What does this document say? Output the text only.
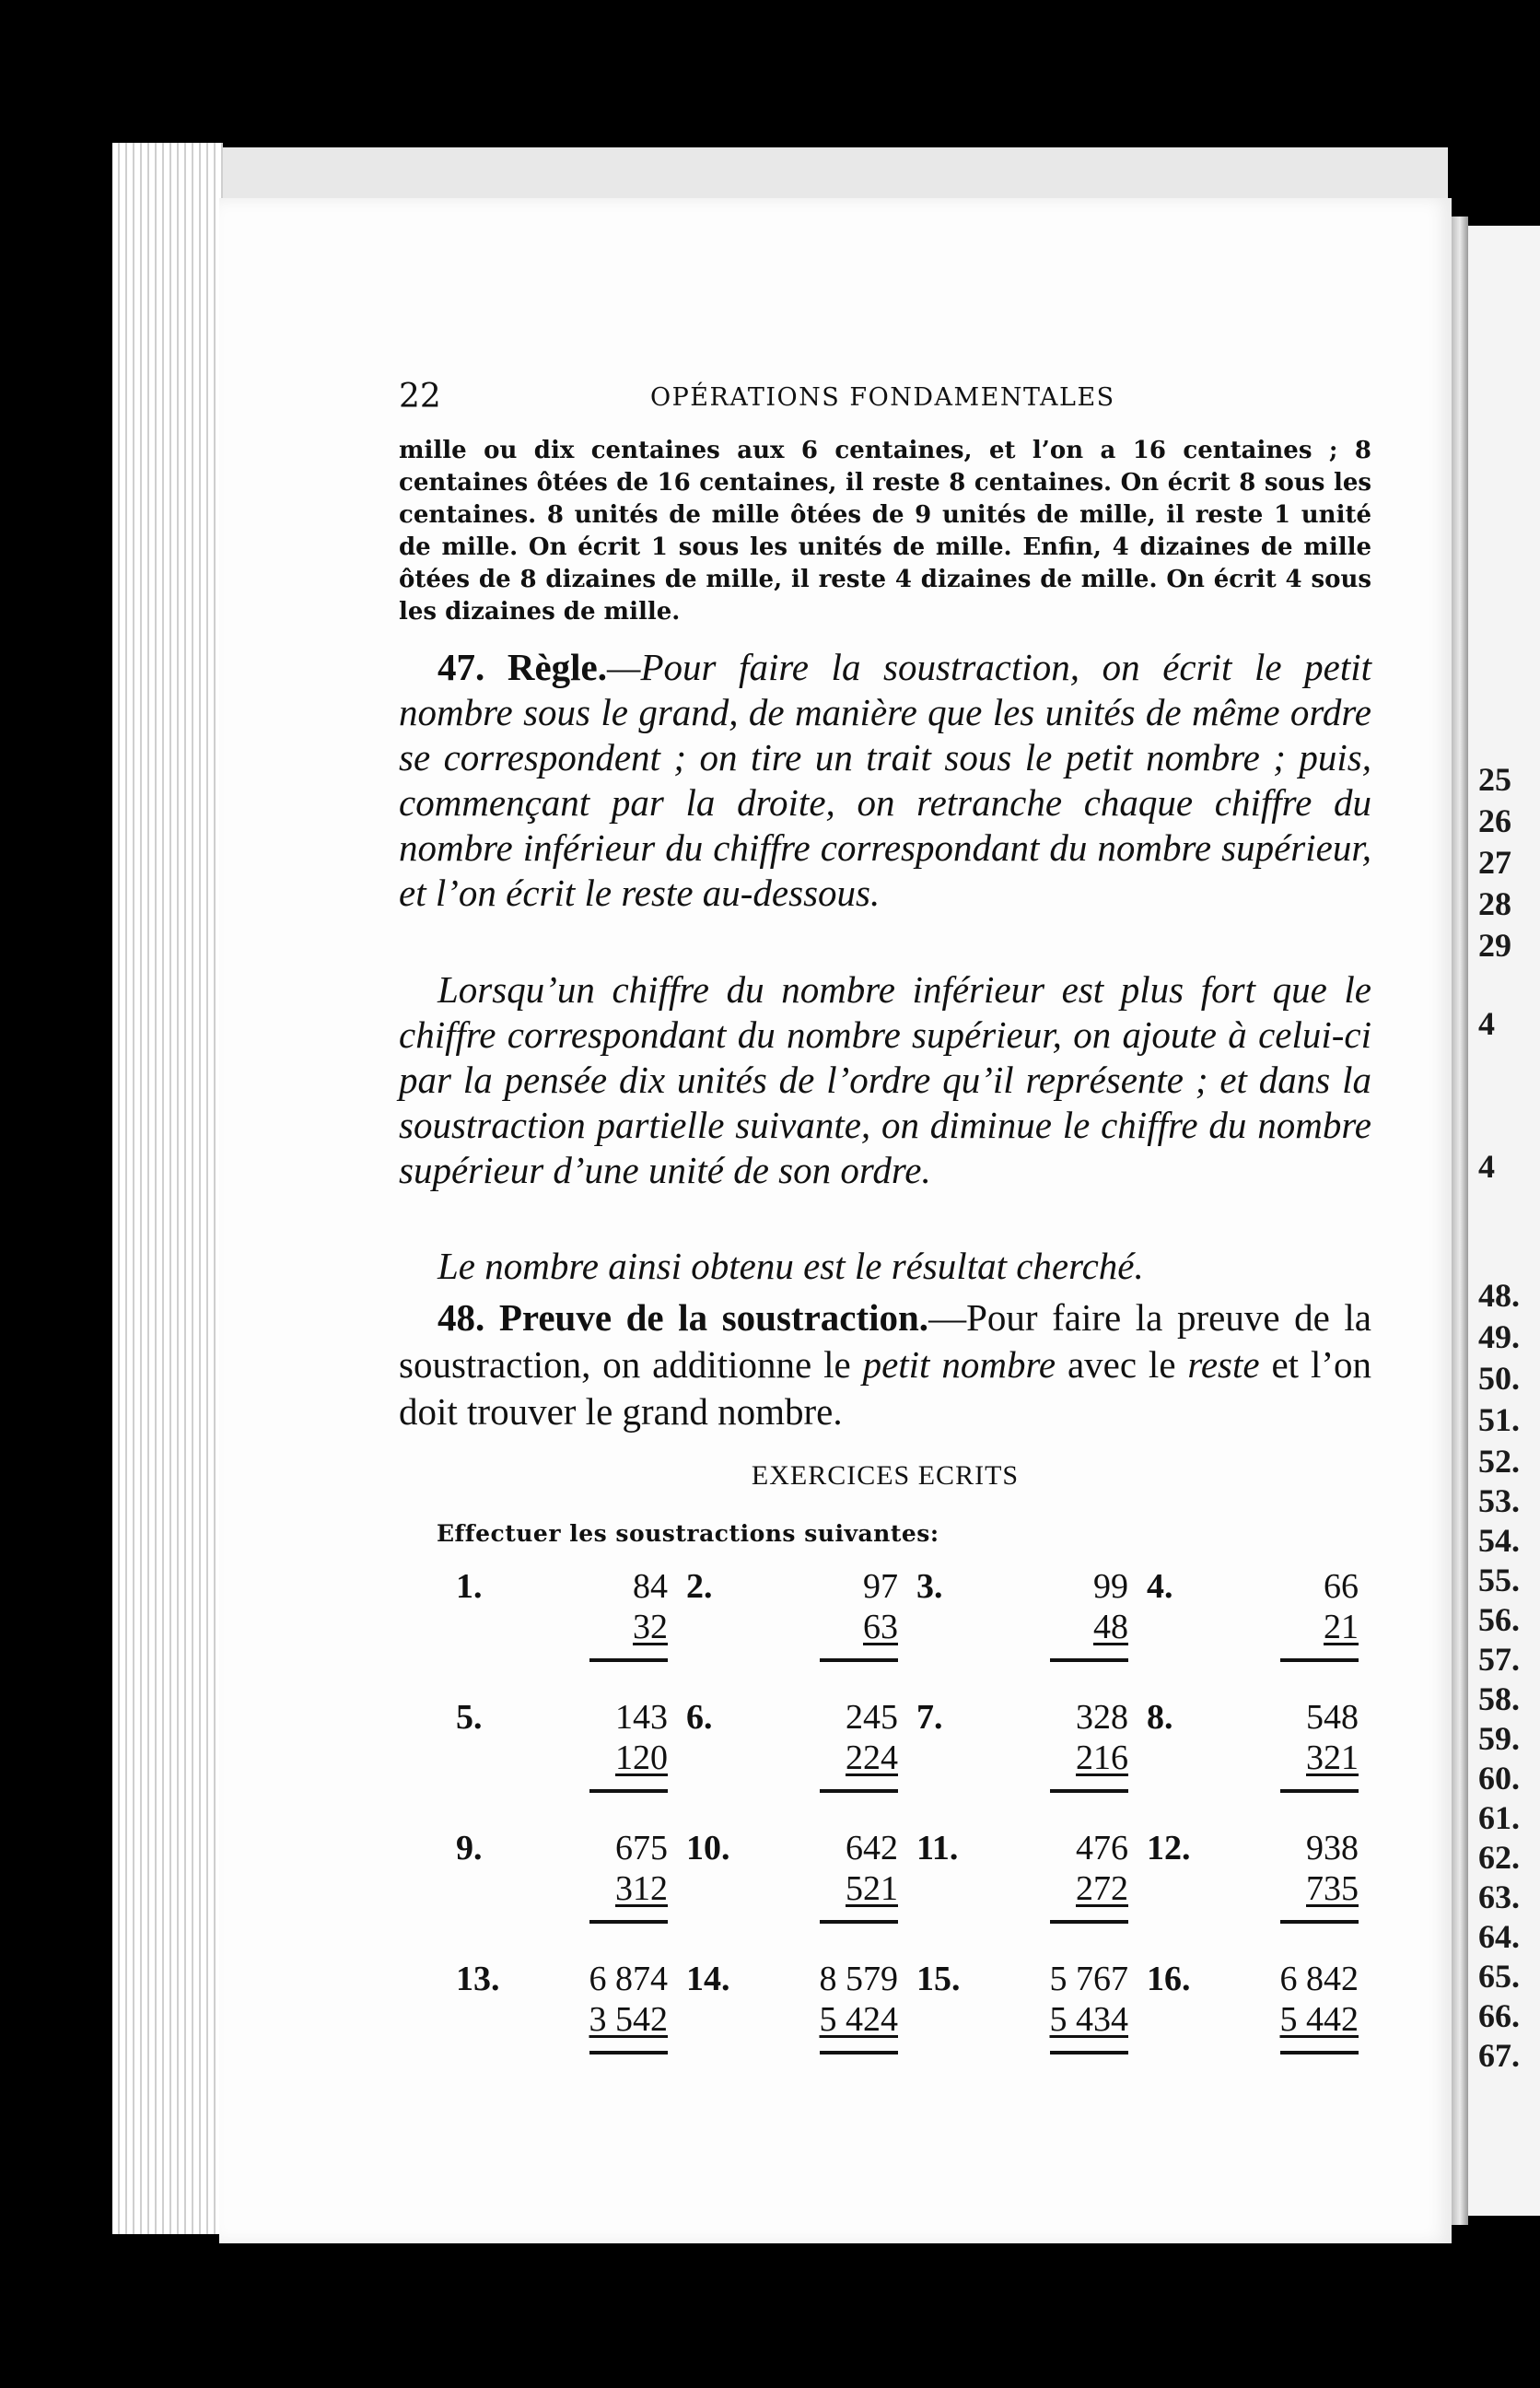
25
26
27
28
29
4
4
48.
49.
50.
51.
52.
53.
54.
55.
56.
57.
58.
59.
60.
61.
62.
63.
64.
65.
66.
67.
22	OPÉRATIONS FONDAMENTALES
mille ou dix centaines aux 6 centaines, et l’on a 16 centaines ; 8 centaines ôtées de 16 centaines, il reste 8 centaines. On écrit 8 sous les centaines. 8 unités de mille ôtées de 9 unités de mille, il reste 1 unité de mille. On écrit 1 sous les unités de mille. Enfin, 4 dizaines de mille ôtées de 8 dizaines de mille, il reste 4 dizaines de mille. On écrit 4 sous les dizaines de mille.
47. Règle.—Pour faire la soustraction, on écrit le petit nombre sous le grand, de manière que les unités de même ordre se correspondent ; on tire un trait sous le petit nombre ; puis, commençant par la droite, on retranche chaque chiffre du nombre inférieur du chiffre correspondant du nombre supérieur, et l’on écrit le reste au-dessous.
Lorsqu’un chiffre du nombre inférieur est plus fort que le chiffre correspondant du nombre supérieur, on ajoute à celui-ci par la pensée dix unités de l’ordre qu’il représente ; et dans la soustraction partielle suivante, on diminue le chiffre du nombre supérieur d’une unité de son ordre.
Le nombre ainsi obtenu est le résultat cherché.
48. Preuve de la soustraction.—Pour faire la preuve de la soustraction, on additionne le petit nombre avec le reste et l’on doit trouver le grand nombre.
EXERCICES ECRITS
Effectuer les soustractions suivantes:
1.	84
32
2.	97
63
3.	99
48
4.	66
21
5.	143
120
6.	245
224
7.	328
216
8.	548
321
9.	675
312
10.	642
521
11.	476
272
12.	938
735
13.	6 874
3 542
14.	8 579
5 424
15.	5 767
5 434
16.	6 842
5 442
